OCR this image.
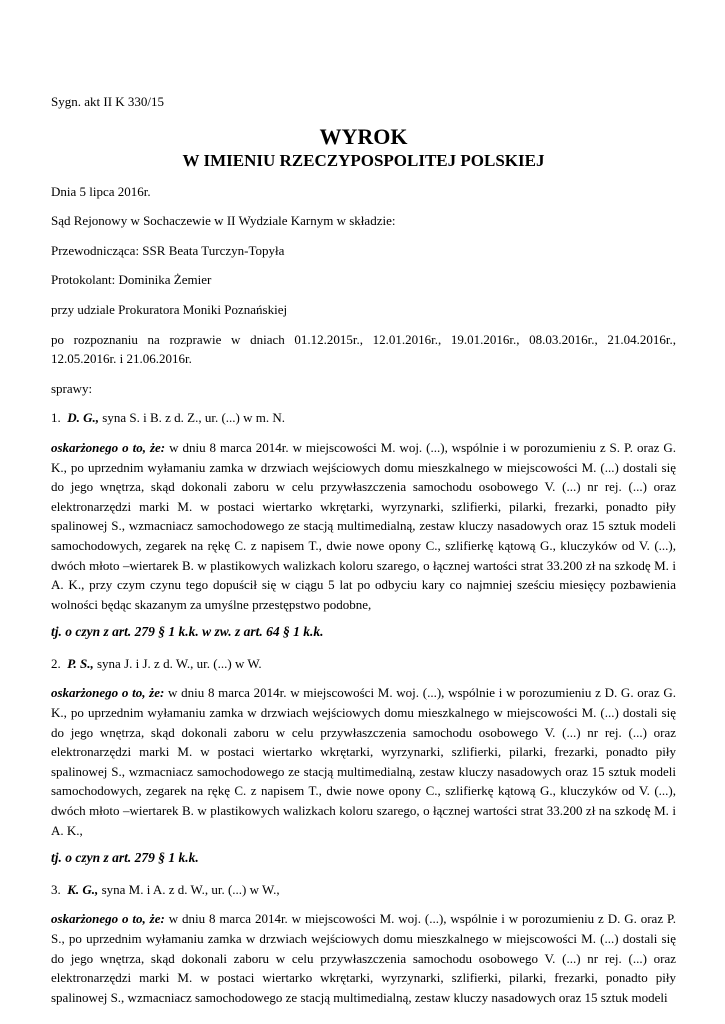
Sygn. akt II K 330/15

WYROK
W IMIENIU RZECZYPOSPOLITEJ POLSKIEJ

Dnia 5 lipca 2016r.

Sąd Rejonowy w Sochaczewie w II Wydziale Karnym w składzie:

Przewodnicząca: SSR Beata Turczyn-Topyła

Protokolant: Dominika Żemier

przy udziale Prokuratora Moniki Poznańskiej

po rozpoznaniu na rozprawie w dniach 01.12.2015r., 12.01.2016r., 19.01.2016r., 08.03.2016r., 21.04.2016r., 12.05.2016r. i 21.06.2016r.

sprawy:

1. D. G., syna S. i B. z d. Z., ur. (...) w m. N.

oskarżonego o to, że: w dniu 8 marca 2014r. w miejscowości M. woj. (...), wspólnie i w porozumieniu z S. P. oraz G. K., po uprzednim wyłamaniu zamka w drzwiach wejściowych domu mieszkalnego w miejscowości M. (...) dostali się do jego wnętrza, skąd dokonali zaboru w celu przywłaszczenia samochodu osobowego V. (...) nr rej. (...) oraz elektronarzędzi marki M. w postaci wiertarko wkrętarki, wyrzynarki, szlifierki, pilarki, frezarki, ponadto piły spalinowej S., wzmacniacz samochodowego ze stacją multimedialną, zestaw kluczy nasadowych oraz 15 sztuk modeli samochodowych, zegarek na rękę C. z napisem T., dwie nowe opony C., szlifierkę kątową G., kluczyków od V. (...), dwóch młoto –wiertarek B. w plastikowych walizkach koloru szarego, o łącznej wartości strat 33.200 zł na szkodę M. i A. K., przy czym czynu tego dopuścił się w ciągu 5 lat po odbyciu kary co najmniej sześciu miesięcy pozbawienia wolności będąc skazanym za umyślne przestępstwo podobne,

tj. o czyn z art. 279 § 1 k.k. w zw. z art. 64 § 1 k.k.

2. P. S., syna J. i J. z d. W., ur. (...) w W.

oskarżonego o to, że: w dniu 8 marca 2014r. w miejscowości M. woj. (...), wspólnie i w porozumieniu z D. G. oraz G. K., po uprzednim wyłamaniu zamka w drzwiach wejściowych domu mieszkalnego w miejscowości M. (...) dostali się do jego wnętrza, skąd dokonali zaboru w celu przywłaszczenia samochodu osobowego V. (...) nr rej. (...) oraz elektronarzędzi marki M. w postaci wiertarko wkrętarki, wyrzynarki, szlifierki, pilarki, frezarki, ponadto piły spalinowej S., wzmacniacz samochodowego ze stacją multimedialną, zestaw kluczy nasadowych oraz 15 sztuk modeli samochodowych, zegarek na rękę C. z napisem T., dwie nowe opony C., szlifierkę kątową G., kluczyków od V. (...), dwóch młoto –wiertarek B. w plastikowych walizkach koloru szarego, o łącznej wartości strat 33.200 zł na szkodę M. i A. K.,

tj. o czyn z art. 279 § 1 k.k.

3. K. G., syna M. i A. z d. W., ur. (...) w W.,

oskarżonego o to, że: w dniu 8 marca 2014r. w miejscowości M. woj. (...), wspólnie i w porozumieniu z D. G. oraz P. S., po uprzednim wyłamaniu zamka w drzwiach wejściowych domu mieszkalnego w miejscowości M. (...) dostali się do jego wnętrza, skąd dokonali zaboru w celu przywłaszczenia samochodu osobowego V. (...) nr rej. (...) oraz elektronarzędzi marki M. w postaci wiertarko wkrętarki, wyrzynarki, szlifierki, pilarki, frezarki, ponadto piły spalinowej S., wzmacniacz samochodowego ze stacją multimedialną, zestaw kluczy nasadowych oraz 15 sztuk modeli
